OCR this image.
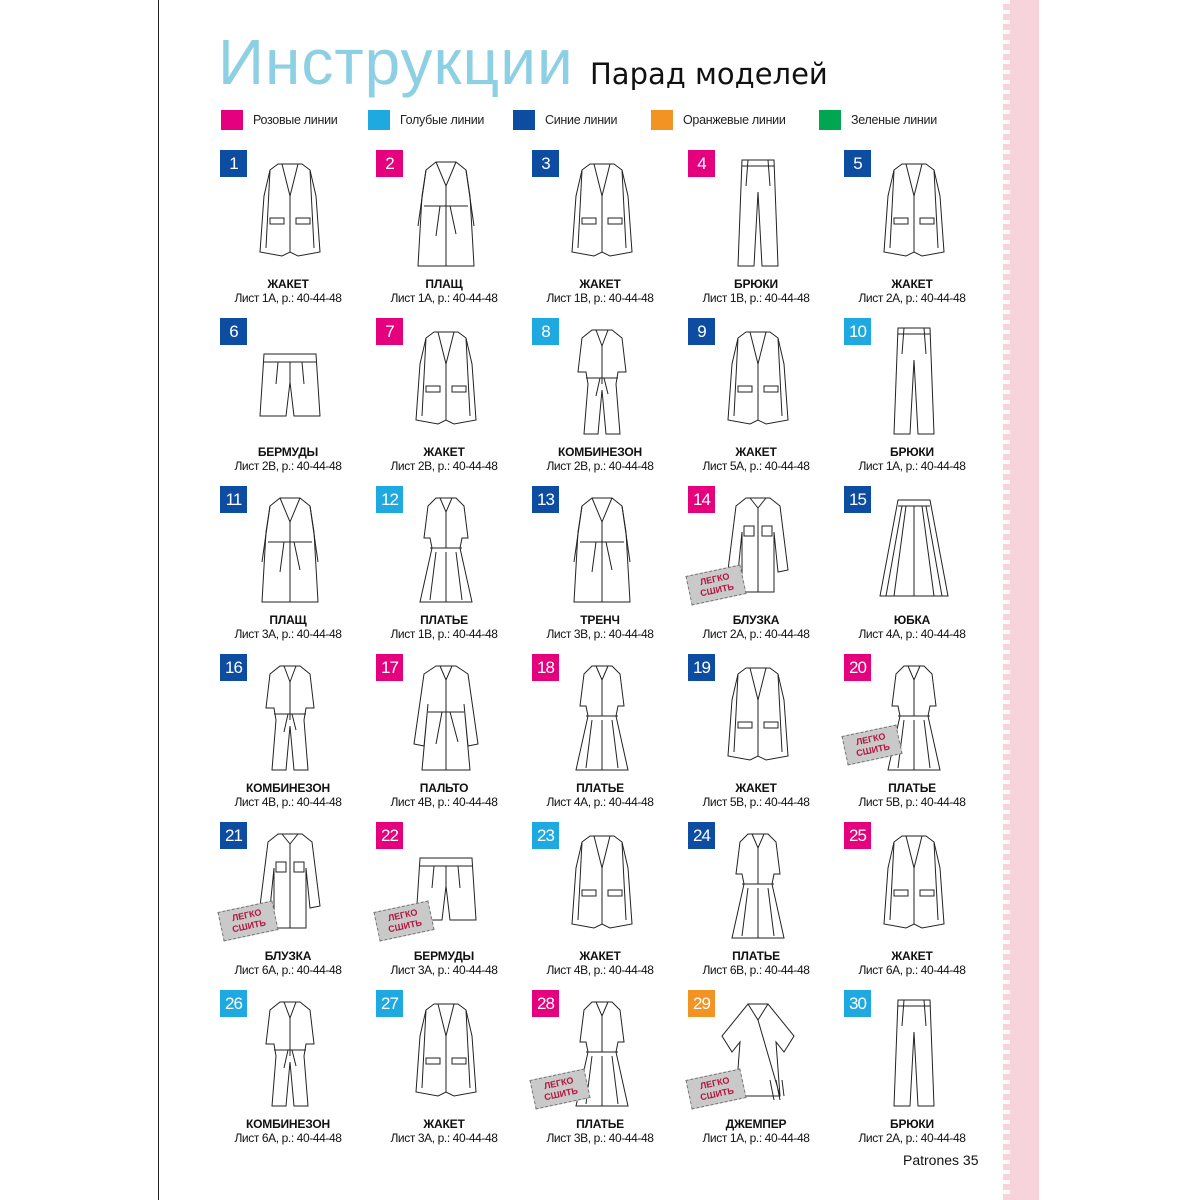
Инструкции Парад моделей
Розовые линии	Голубые линии	Синие линии	Оранжевые линии	Зеленые линии
1
ЖАКЕТ
Лист 1А, р.: 40-44-48
2
ПЛАЩ
Лист 1А, р.: 40-44-48
3
ЖАКЕТ
Лист 1В, р.: 40-44-48
4
БРЮКИ
Лист 1В, р.: 40-44-48
5
ЖАКЕТ
Лист 2А, р.: 40-44-48
6
БЕРМУДЫ
Лист 2В, р.: 40-44-48
7
ЖАКЕТ
Лист 2В, р.: 40-44-48
8
КОМБИНЕЗОН
Лист 2В, р.: 40-44-48
9
ЖАКЕТ
Лист 5А, р.: 40-44-48
10
БРЮКИ
Лист 1А, р.: 40-44-48
11
ПЛАЩ
Лист 3А, р.: 40-44-48
12
ПЛАТЬЕ
Лист 1В, р.: 40-44-48
13
ТРЕНЧ
Лист 3В, р.: 40-44-48
14
ЛЕГКО СШИТЬ
БЛУЗКА
Лист 2А, р.: 40-44-48
15
ЮБКА
Лист 4А, р.: 40-44-48
16
КОМБИНЕЗОН
Лист 4В, р.: 40-44-48
17
ПАЛЬТО
Лист 4В, р.: 40-44-48
18
ПЛАТЬЕ
Лист 4А, р.: 40-44-48
19
ЖАКЕТ
Лист 5В, р.: 40-44-48
20
ЛЕГКО СШИТЬ
ПЛАТЬЕ
Лист 5В, р.: 40-44-48
21
ЛЕГКО СШИТЬ
БЛУЗКА
Лист 6А, р.: 40-44-48
22
ЛЕГКО СШИТЬ
БЕРМУДЫ
Лист 3А, р.: 40-44-48
23
ЖАКЕТ
Лист 4В, р.: 40-44-48
24
ПЛАТЬЕ
Лист 6В, р.: 40-44-48
25
ЖАКЕТ
Лист 6А, р.: 40-44-48
26
КОМБИНЕЗОН
Лист 6А, р.: 40-44-48
27
ЖАКЕТ
Лист 3А, р.: 40-44-48
28
ЛЕГКО СШИТЬ
ПЛАТЬЕ
Лист 3В, р.: 40-44-48
29
ЛЕГКО СШИТЬ
ДЖЕМПЕР
Лист 1А, р.: 40-44-48
30
БРЮКИ
Лист 2А, р.: 40-44-48
Patrones 35
